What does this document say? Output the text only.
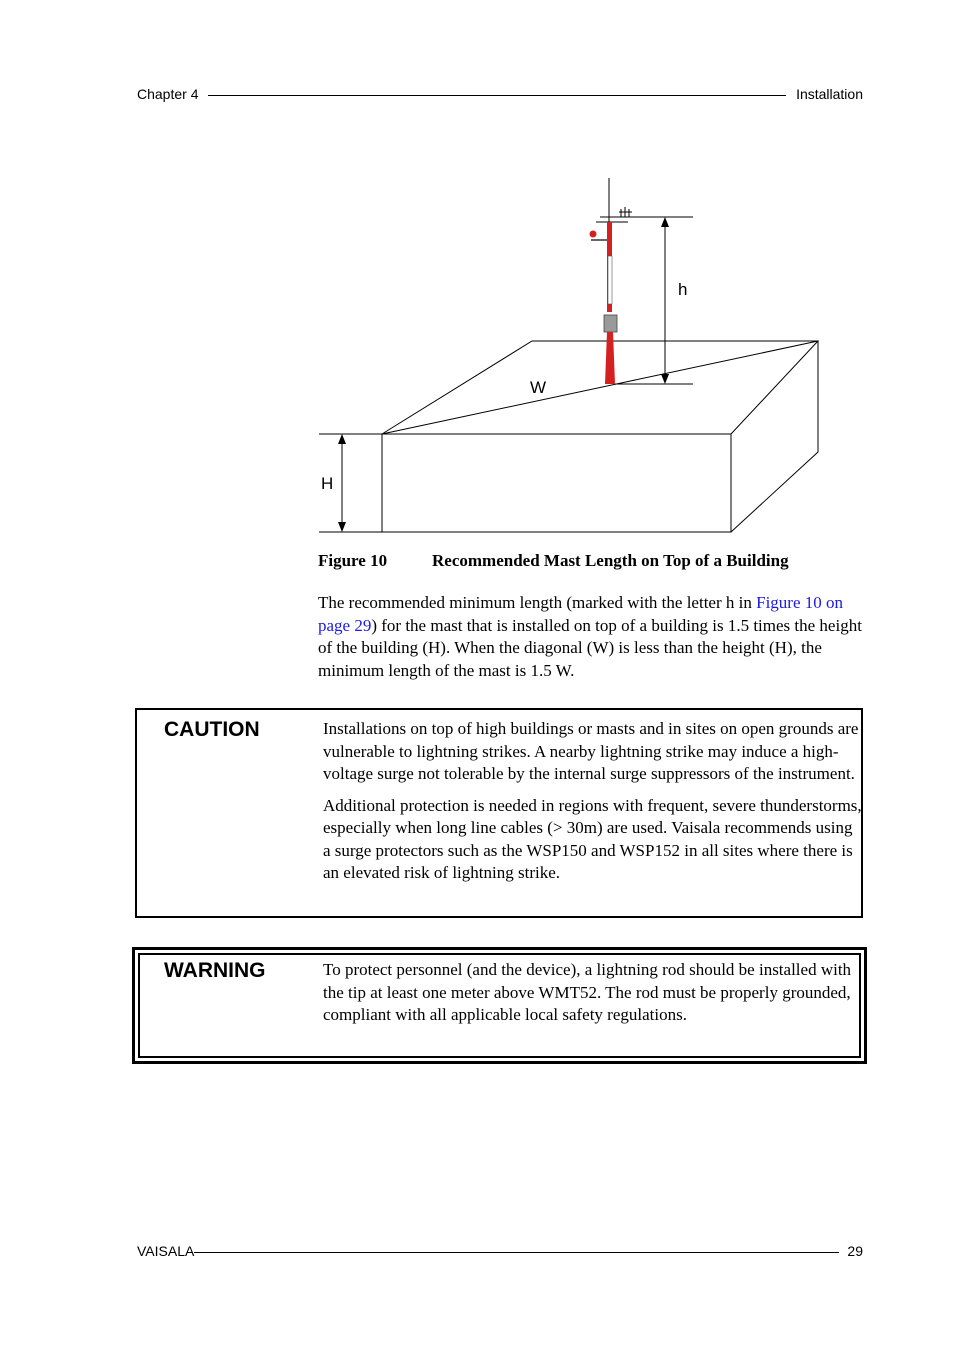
Chapter 4	Installation
h
W
H
Figure 10	Recommended Mast Length on Top of a Building
The recommended minimum length (marked with the letter h in Figure 10 on page 29) for the mast that is installed on top of a building is 1.5 times the height of the building (H). When the diagonal (W) is less than the height (H), the minimum length of the mast is 1.5 W.
CAUTION	Installations on top of high buildings or masts and in sites on open grounds are vulnerable to lightning strikes. A nearby lightning strike may induce a high-voltage surge not tolerable by the internal surge suppressors of the instrument.

Additional protection is needed in regions with frequent, severe thunderstorms, especially when long line cables (> 30m) are used. Vaisala recommends using a surge protectors such as the WSP150 and WSP152 in all sites where there is an elevated risk of lightning strike.

WARNING	To protect personnel (and the device), a lightning rod should be installed with the tip at least one meter above WMT52. The rod must be properly grounded, compliant with all applicable local safety regulations.

VAISALA	29
